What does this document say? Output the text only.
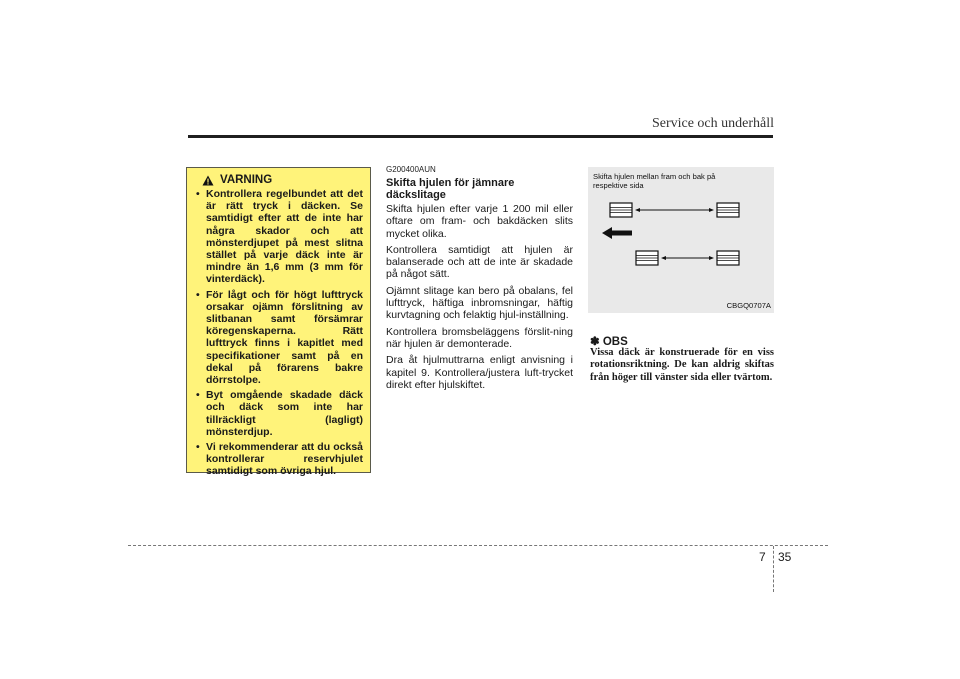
Service och underhåll
VARNING
• Kontrollera regelbundet att det är rätt tryck i däcken. Se samtidigt efter att de inte har några skador och att mönsterdjupet på mest slitna stället på varje däck inte är mindre än 1,6 mm (3 mm för vinterdäck).
• För lågt och för högt lufttryck orsakar ojämn förslitning av slitbanan samt försämrar köregenskaperna. Rätt lufttryck finns i kapitlet med specifikationer samt på en dekal på förarens bakre dörrstolpe.
• Byt omgående skadade däck och däck som inte har tillräckligt (lagligt) mönsterdjup.
• Vi rekommenderar att du också kontrollerar reservhjulet samtidigt som övriga hjul.
G200400AUN
Skifta hjulen för jämnare däckslitage

Skifta hjulen efter varje 1 200 mil eller oftare om fram- och bakdäcken slits mycket olika.

Kontrollera samtidigt att hjulen är balanserade och att de inte är skadade på något sätt.

Ojämnt slitage kan bero på obalans, fel lufttryck, häftiga inbromsningar, häftig kurvtagning och felaktig hjul-inställning.

Kontrollera bromsbeläggens förslit-ning när hjulen är demonterade.

Dra åt hjulmuttrarna enligt anvisning i kapitel 9. Kontrollera/justera luft-trycket direkt efter hjulskiftet.

Skifta hjulen mellan fram och bak på respektive sida
CBGQ0707A
✽ OBS

Vissa däck är konstruerade för en viss rotationsriktning. De kan aldrig skiftas från höger till vänster sida eller tvärtom.

7 35
